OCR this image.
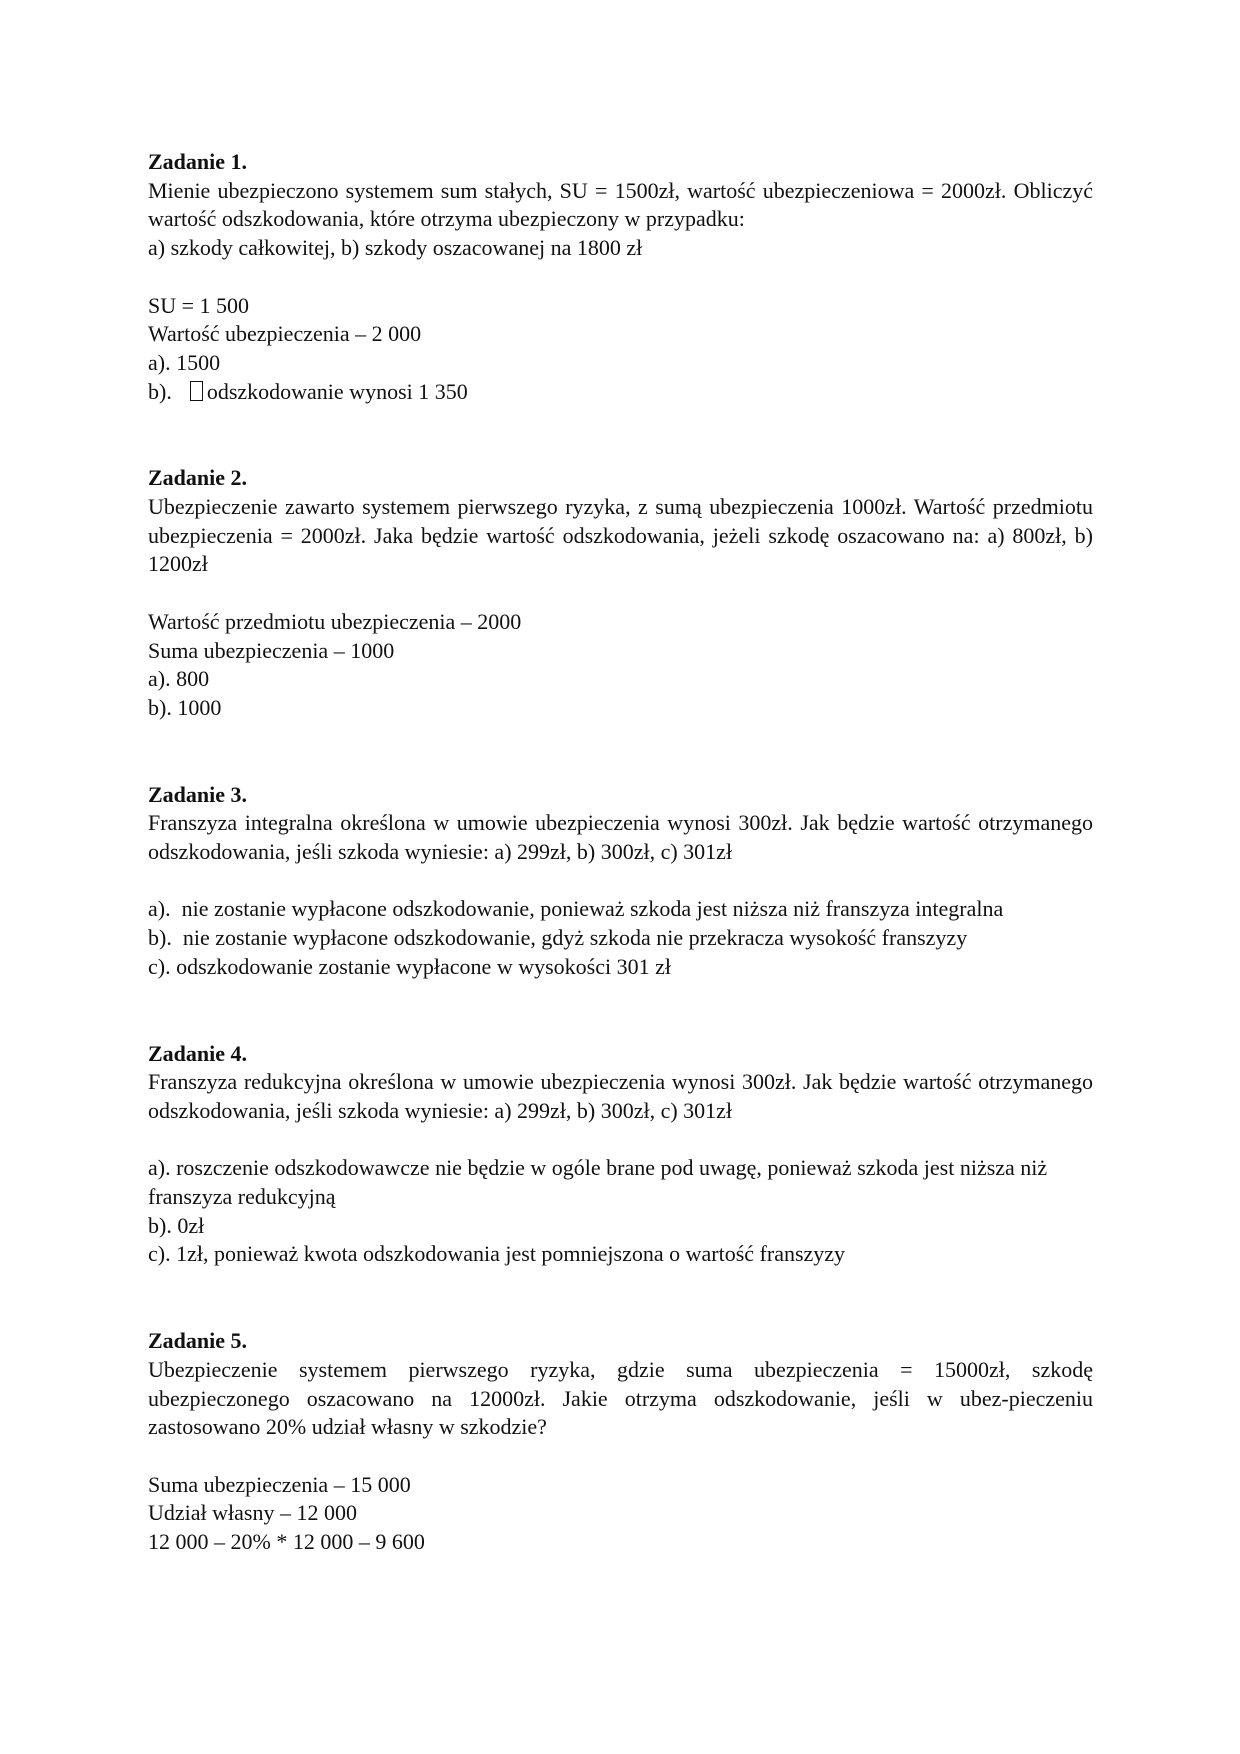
Zadanie 1.

Mienie ubezpieczono systemem sum stałych, SU = 1500zł, wartość ubezpieczeniowa = 2000zł. Obliczyć wartość odszkodowania, które otrzyma ubezpieczony w przypadku:

a) szkody całkowitej, b) szkody oszacowanej na 1800 zł
SU = 1 500
Wartość ubezpieczenia – 2 000
a). 1500
b). odszkodowanie wynosi 1 350
Zadanie 2.

Ubezpieczenie zawarto systemem pierwszego ryzyka, z sumą ubezpieczenia 1000zł. Wartość przedmiotu ubezpieczenia = 2000zł. Jaka będzie wartość odszkodowania, jeżeli szkodę oszacowano na: a) 800zł, b) 1200zł

Wartość przedmiotu ubezpieczenia – 2000
Suma ubezpieczenia – 1000
a). 800
b). 1000
Zadanie 3.

Franszyza integralna określona w umowie ubezpieczenia wynosi 300zł. Jak będzie wartość otrzymanego odszkodowania, jeśli szkoda wyniesie: a) 299zł, b) 300zł, c) 301zł

a).  nie zostanie wypłacone odszkodowanie, ponieważ szkoda jest niższa niż franszyza integralna
b).  nie zostanie wypłacone odszkodowanie, gdyż szkoda nie przekracza wysokość franszyzy
c). odszkodowanie zostanie wypłacone w wysokości 301 zł
Zadanie 4.

Franszyza redukcyjna określona w umowie ubezpieczenia wynosi 300zł. Jak będzie wartość otrzymanego odszkodowania, jeśli szkoda wyniesie: a) 299zł, b) 300zł, c) 301zł

a). roszczenie odszkodowawcze nie będzie w ogóle brane pod uwagę, ponieważ szkoda jest niższa niż franszyza redukcyjną
b). 0zł
c). 1zł, ponieważ kwota odszkodowania jest pomniejszona o wartość franszyzy
Zadanie 5.

Ubezpieczenie systemem pierwszego ryzyka, gdzie suma ubezpieczenia = 15000zł, szkodę ubezpieczonego oszacowano na 12000zł. Jakie otrzyma odszkodowanie, jeśli w ubez-pieczeniu zastosowano 20% udział własny w szkodzie?

Suma ubezpieczenia – 15 000
Udział własny – 12 000
12 000 – 20% * 12 000 – 9 600
